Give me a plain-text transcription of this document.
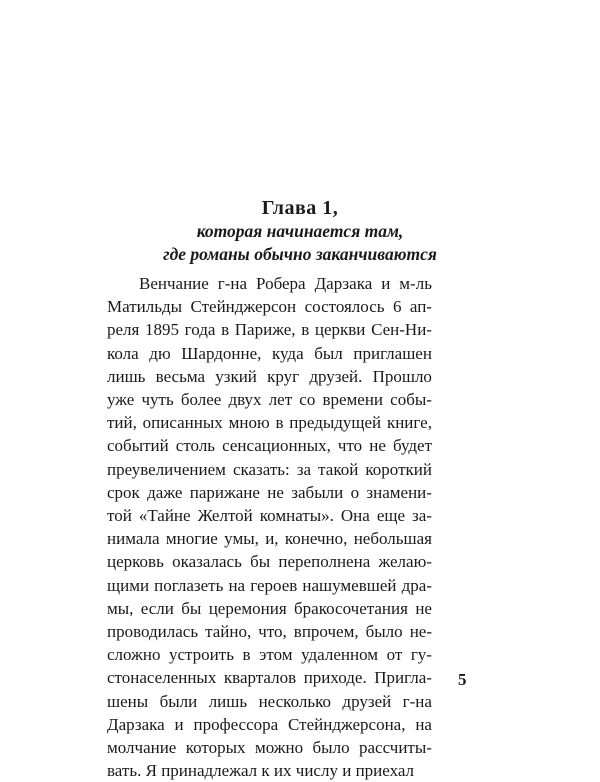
Глава 1,

которая начинается там,

где романы обычно заканчиваются

Венчание г-на Робера Дарзака и м-ль
Матильды Стейнджерсон состоялось 6 ап-
реля 1895 года в Париже, в церкви Сен-Ни-
кола дю Шардонне, куда был приглашен
лишь весьма узкий круг друзей. Прошло
уже чуть более двух лет со времени собы-
тий, описанных мною в предыдущей книге,
событий столь сенсационных, что не будет
преувеличением сказать: за такой короткий
срок даже парижане не забыли о знамени-
той «Тайне Желтой комнаты». Она еще за-
нимала многие умы, и, конечно, небольшая
церковь оказалась бы переполнена желаю-
щими поглазеть на героев нашумевшей дра-
мы, если бы церемония бракосочетания не
проводилась тайно, что, впрочем, было не-
сложно устроить в этом удаленном от гу-
стонаселенных кварталов приходе. Пригла-
шены были лишь несколько друзей г-на
Дарзака и профессора Стейнджерсона, на
молчание которых можно было рассчиты-
вать.
Я
принадлежал
к
их
числу
и
приехал
5
